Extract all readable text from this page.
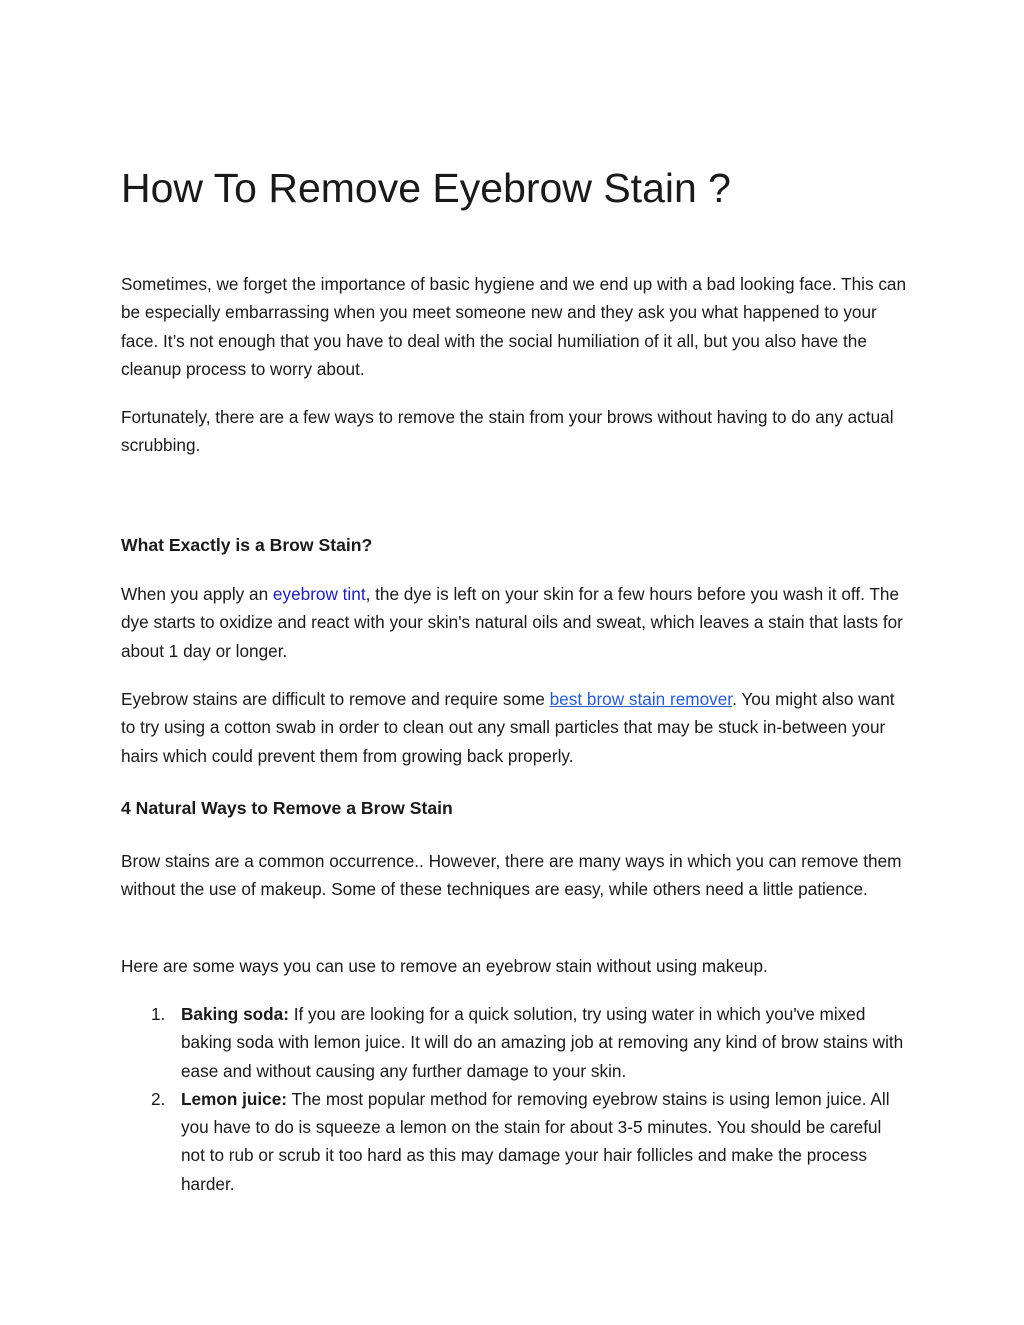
How To Remove Eyebrow Stain ?

Sometimes, we forget the importance of basic hygiene and we end up with a bad looking face. This can be especially embarrassing when you meet someone new and they ask you what happened to your face. It’s not enough that you have to deal with the social humiliation of it all, but you also have the cleanup process to worry about.

Fortunately, there are a few ways to remove the stain from your brows without having to do any actual scrubbing.

What Exactly is a Brow Stain?

When you apply an eyebrow tint, the dye is left on your skin for a few hours before you wash it off. The dye starts to oxidize and react with your skin's natural oils and sweat, which leaves a stain that lasts for about 1 day or longer.

Eyebrow stains are difficult to remove and require some best brow stain remover. You might also want to try using a cotton swab in order to clean out any small particles that may be stuck in-between your hairs which could prevent them from growing back properly.

4 Natural Ways to Remove a Brow Stain

Brow stains are a common occurrence.. However, there are many ways in which you can remove them without the use of makeup. Some of these techniques are easy, while others need a little patience.

Here are some ways you can use to remove an eyebrow stain without using makeup.

1. Baking soda: If you are looking for a quick solution, try using water in which you've mixed baking soda with lemon juice. It will do an amazing job at removing any kind of brow stains with ease and without causing any further damage to your skin.
2. Lemon juice: The most popular method for removing eyebrow stains is using lemon juice. All you have to do is squeeze a lemon on the stain for about 3-5 minutes. You should be careful not to rub or scrub it too hard as this may damage your hair follicles and make the process harder.
